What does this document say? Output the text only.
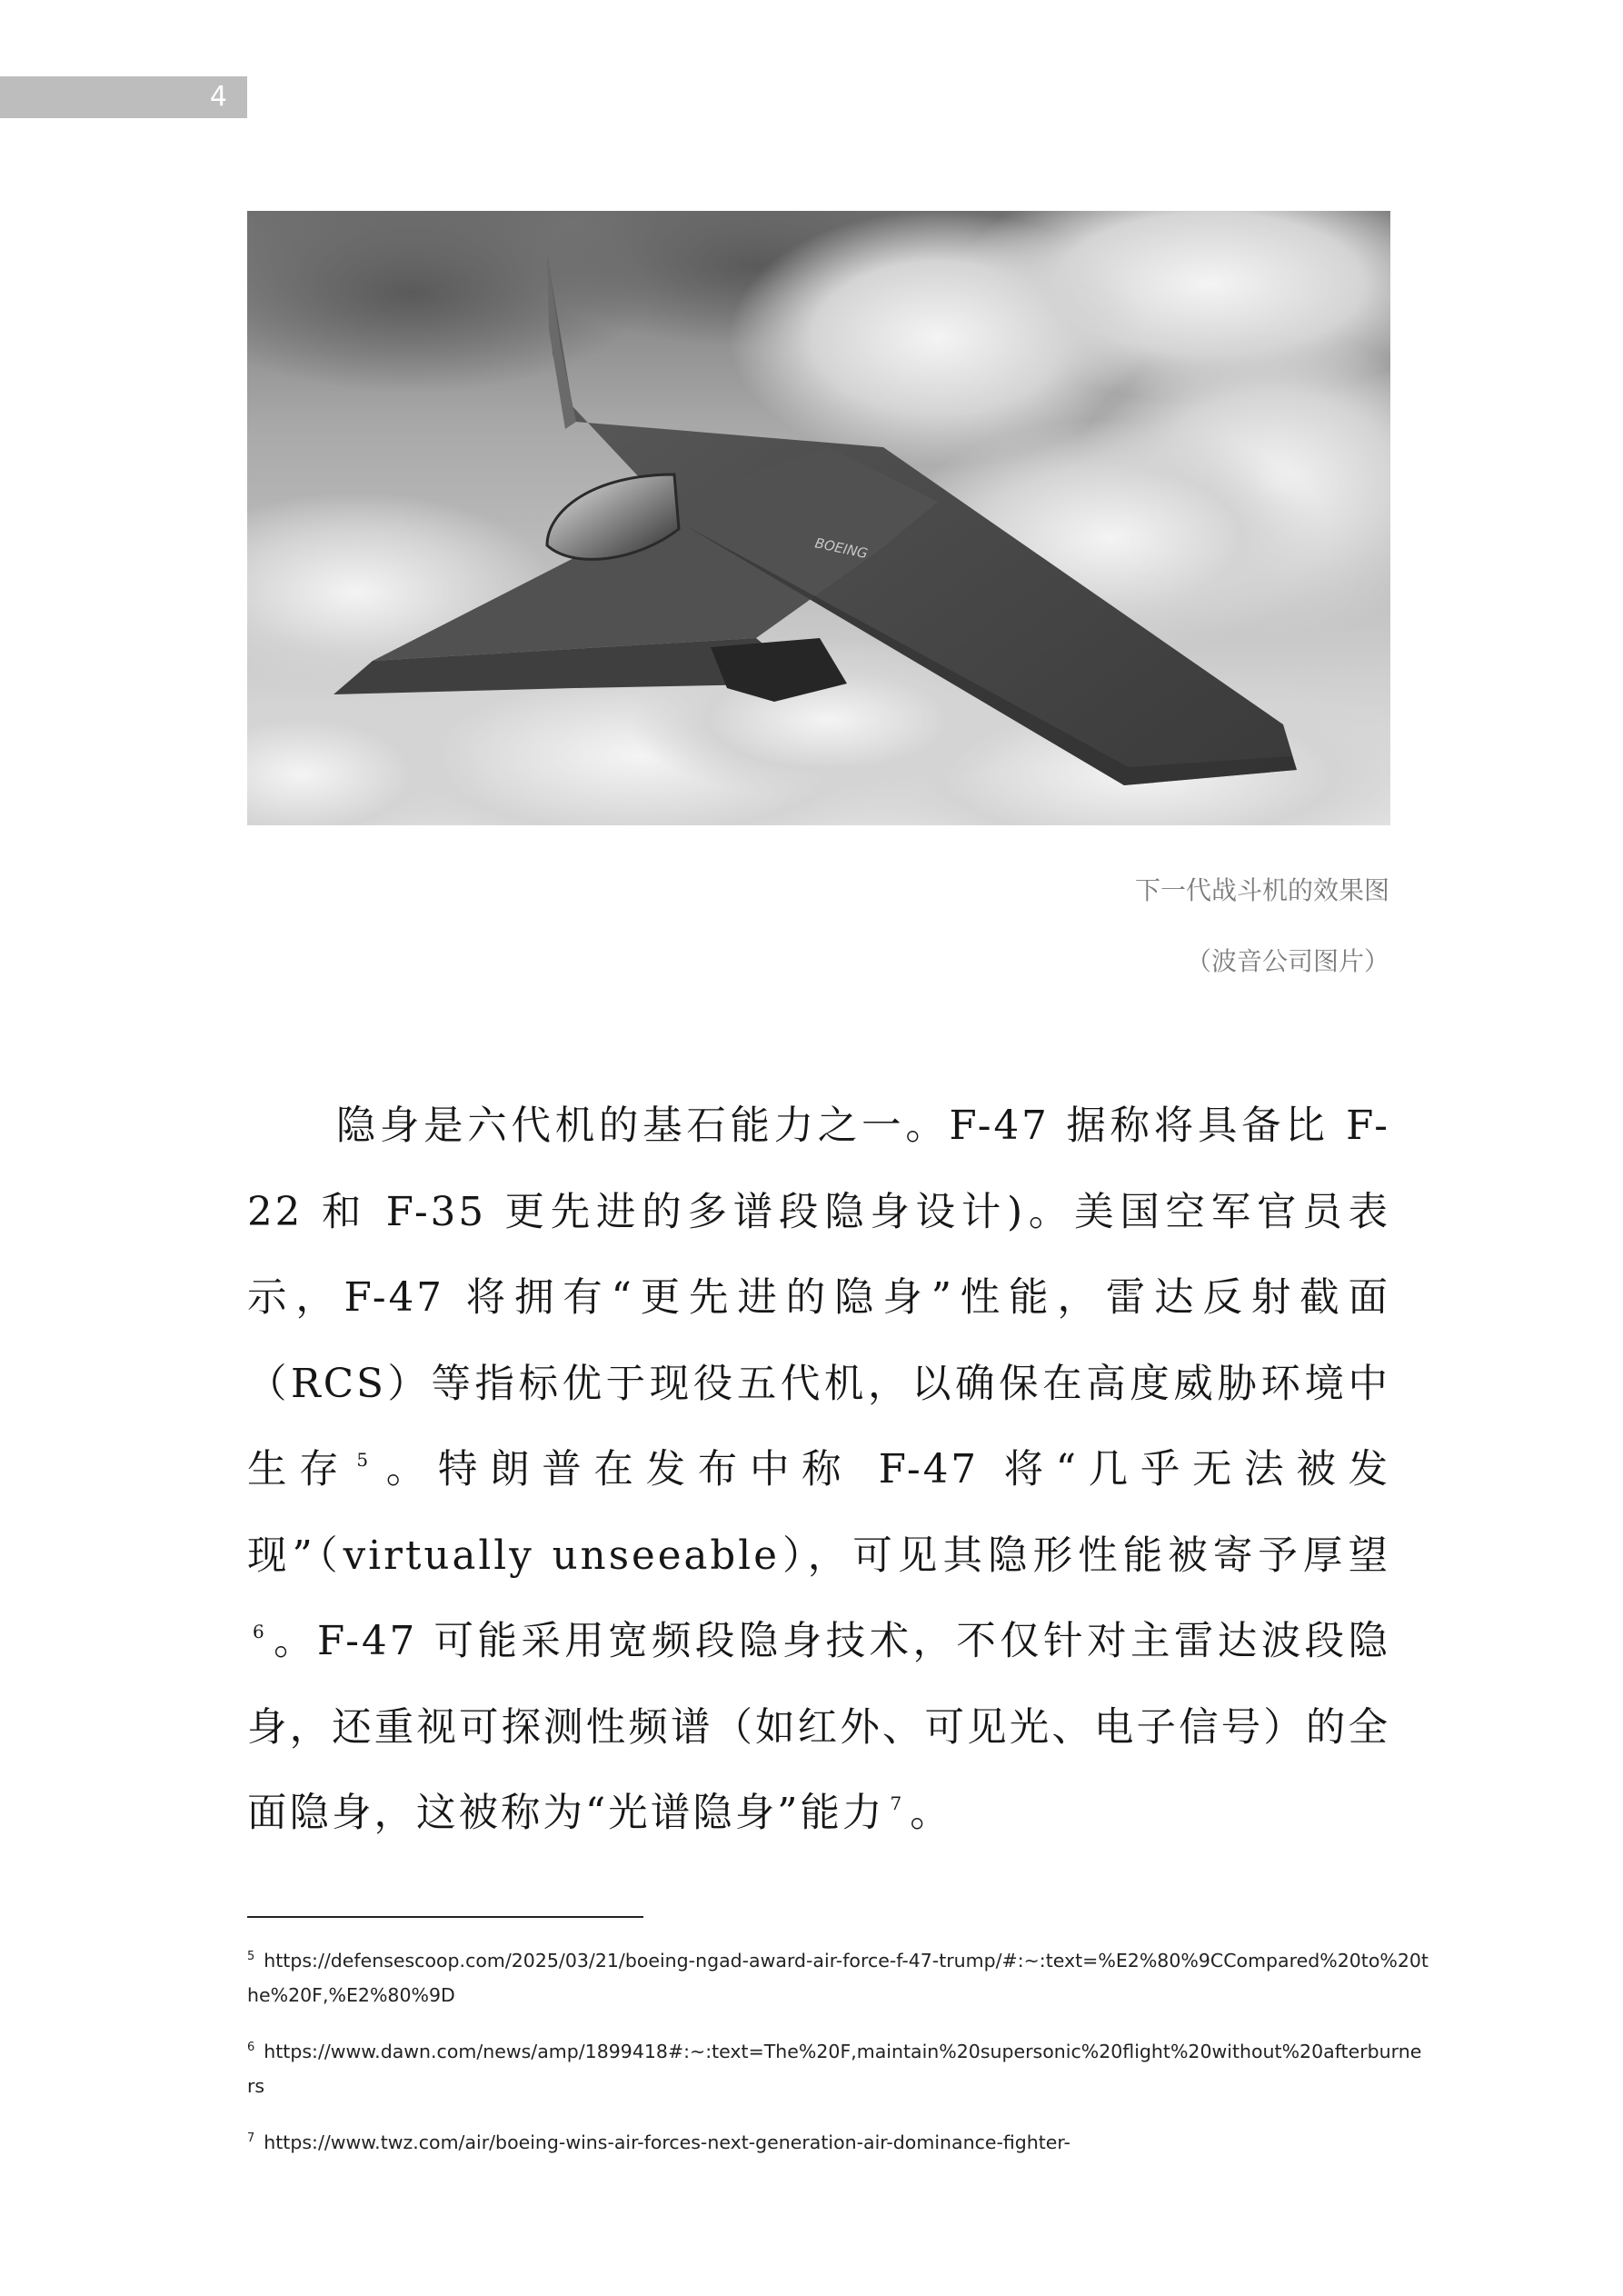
4
BOEING
下一代战斗机的效果图
（波音公司图片）
隐身是六代机的基石能力之一。F-47 据称将具备比 F-22 和 F-35 更先进的多谱段隐身设计)。美国空军官员表示，F-47 将拥有“更先进的隐身”性能，雷达反射截面（RCS）等指标优于现役五代机，以确保在高度威胁环境中生存 $^5$ 。特朗普在发布中称 F-47 将“几乎无法被发现”（virtually unseeable），可见其隐形性能被寄予厚望$^6$ 。F-47 可能采用宽频段隐身技术，不仅针对主雷达波段隐身，还重视可探测性频谱（如红外、可见光、电子信号）的全面隐身，这被称为“光谱隐身”能力 $^7$ 。
$^5$ https://defensescoop.com/2025/03/21/boeing-ngad-award-air-force-f-47-trump/#:~:text=%E2%80%9CCompared%20to%20the%20F,%E2%80%9D
$^6$ https://www.dawn.com/news/amp/1899418#:~:text=The%20F,maintain%20supersonic%20flight%20without%20afterburners
$^7$ https://www.twz.com/air/boeing-wins-air-forces-next-generation-air-dominance-fighter-
